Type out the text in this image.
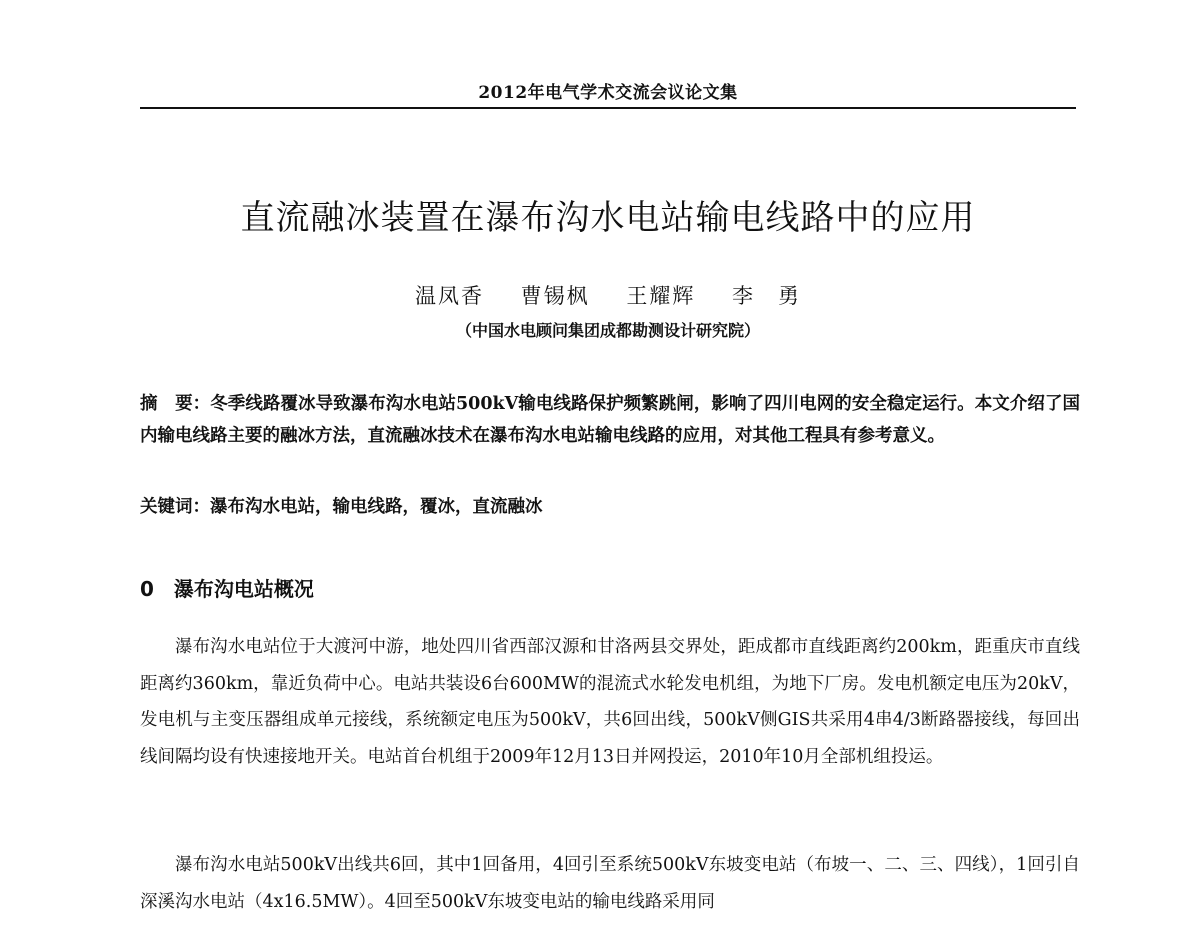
2012年电气学术交流会议论文集
直流融冰装置在瀑布沟水电站输电线路中的应用
温凤香 曹锡枫 王耀辉 李　勇
（中国水电顾问集团成都勘测设计研究院）

摘　要：冬季线路覆冰导致瀑布沟水电站500kV输电线路保护频繁跳闸，影响了四川电网的安全稳定运行。本文介绍了国内输电线路主要的融冰方法，直流融冰技术在瀑布沟水电站输电线路的应用，对其他工程具有参考意义。

关键词：瀑布沟水电站，输电线路，覆冰，直流融冰

0 瀑布沟电站概况

瀑布沟水电站位于大渡河中游，地处四川省西部汉源和甘洛两县交界处，距成都市直线距离约200km，距重庆市直线距离约360km，靠近负荷中心。电站共装设6台600MW的混流式水轮发电机组，为地下厂房。发电机额定电压为20kV，发电机与主变压器组成单元接线，系统额定电压为500kV，共6回出线，500kV侧GIS共采用4串4/3断路器接线，每回出线间隔均设有快速接地开关。电站首台机组于2009年12月13日并网投运，2010年10月全部机组投运。

瀑布沟水电站500kV出线共6回，其中1回备用，4回引至系统500kV东坡变电站（布坡一、二、三、四线），1回引自深溪沟水电站（4x16.5MW）。4回至500kV东坡变电站的输电线路采用同
